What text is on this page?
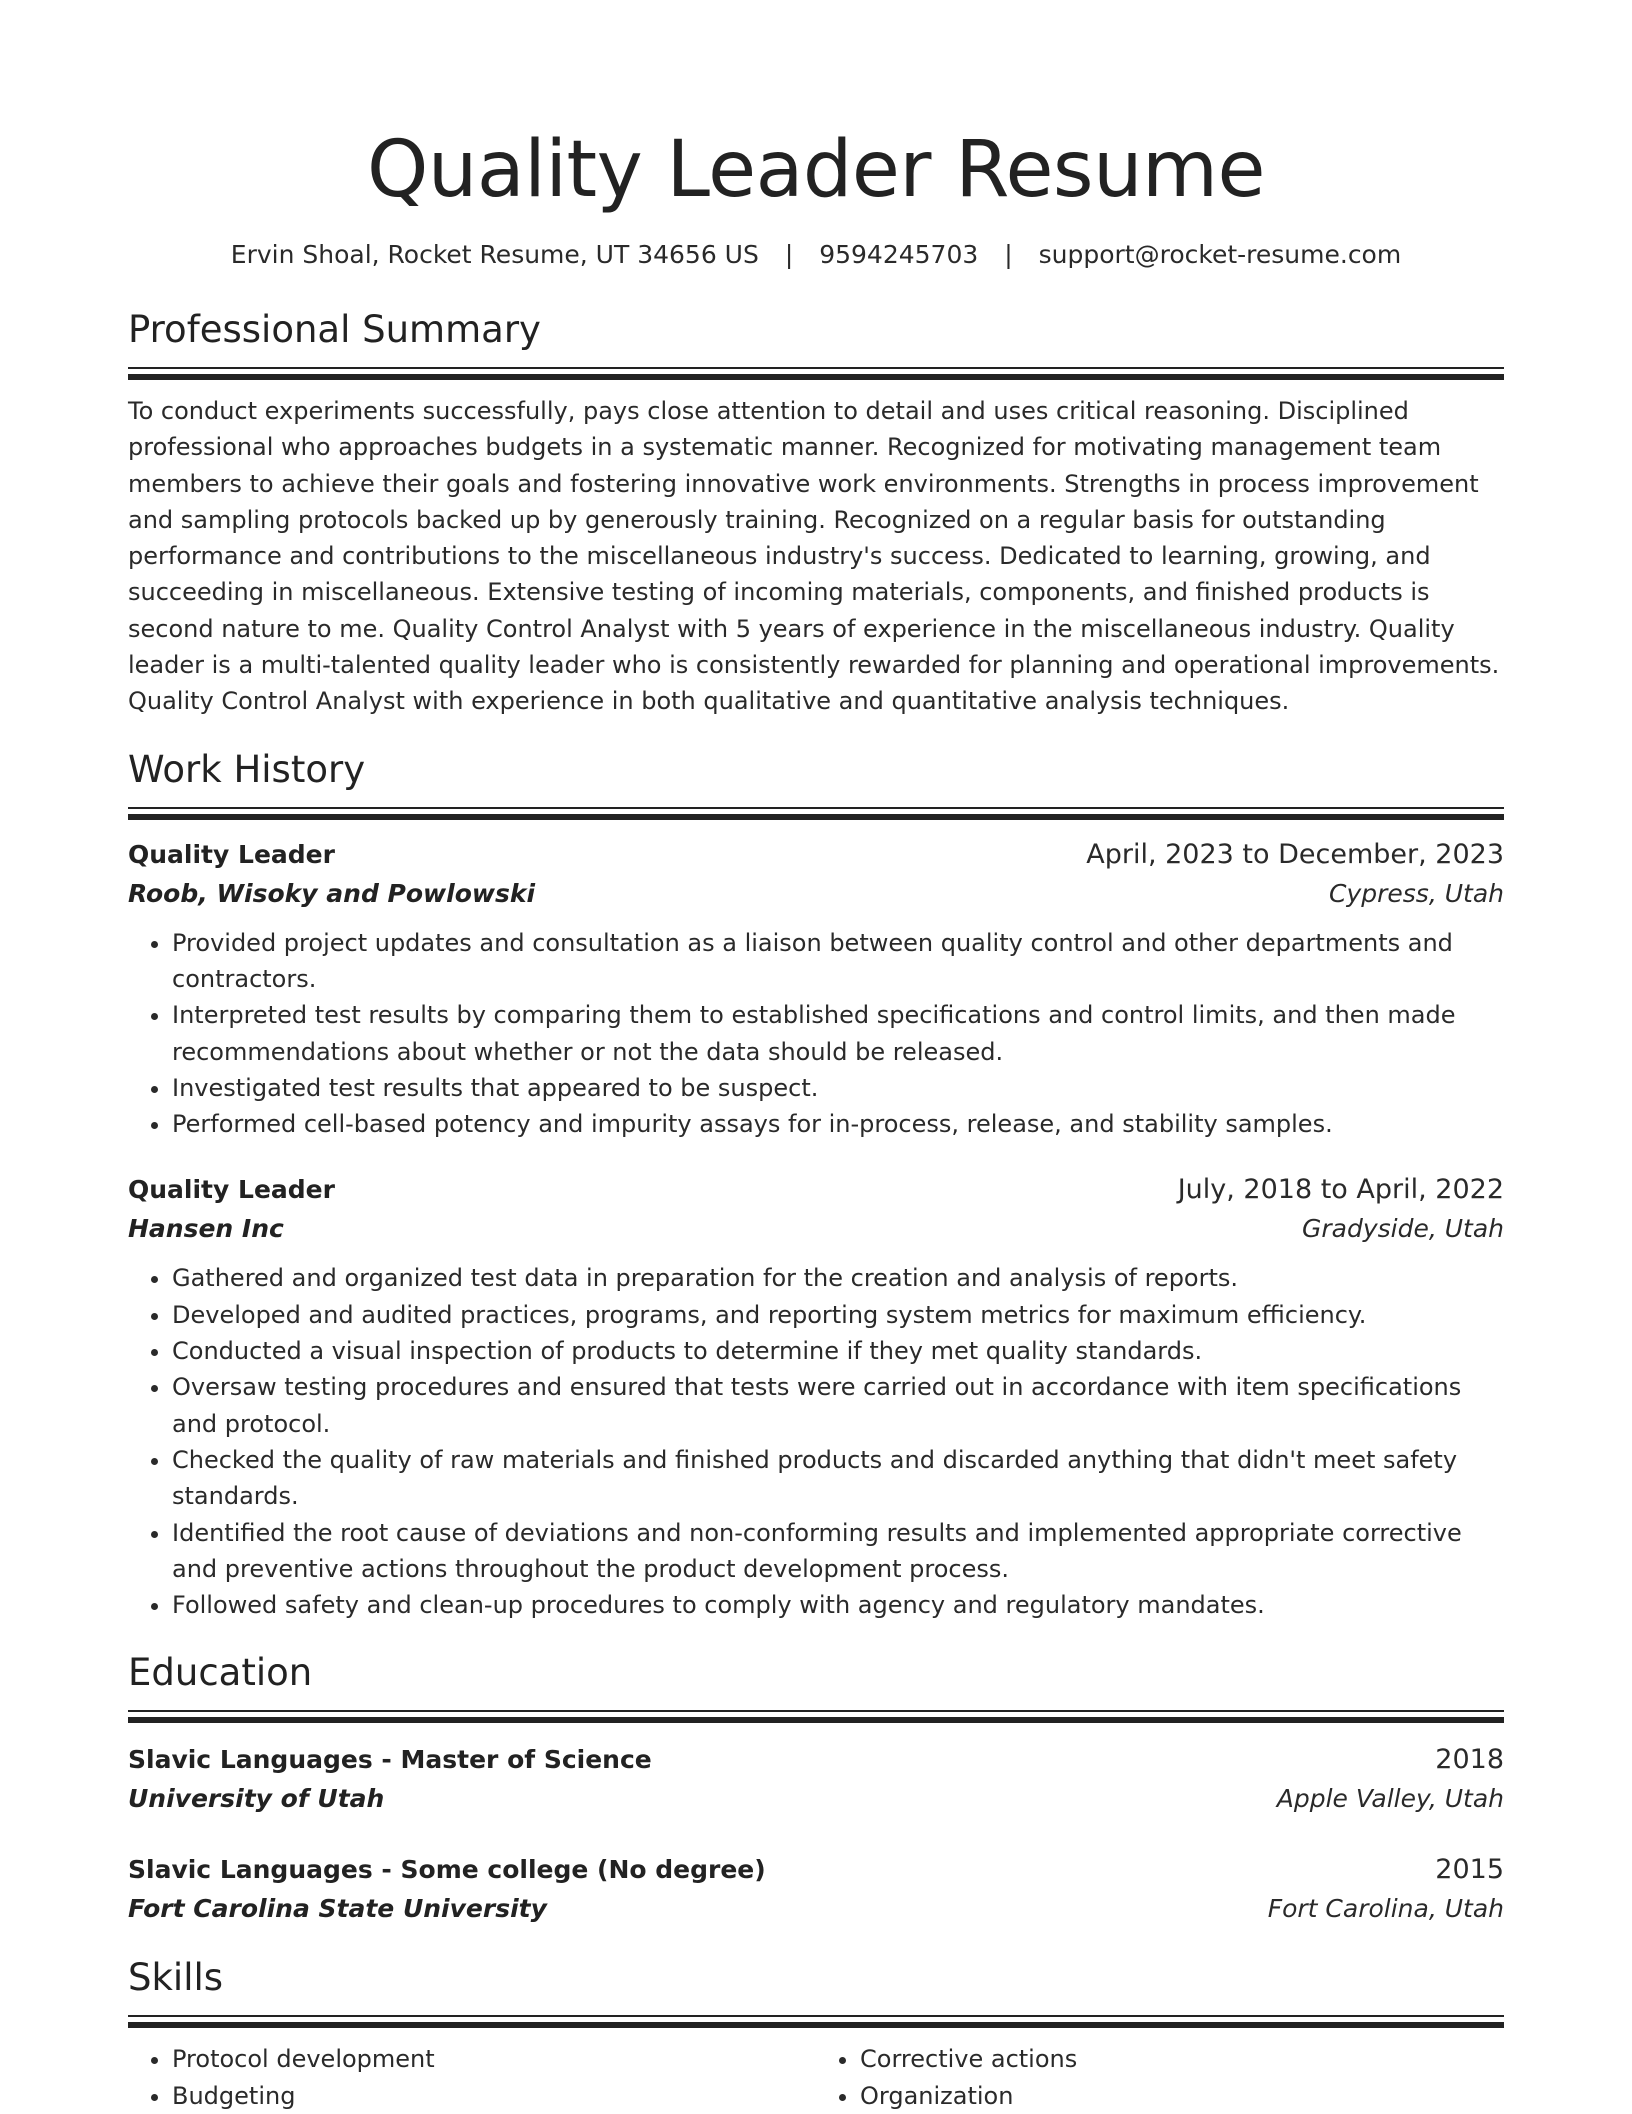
Quality Leader Resume
Ervin Shoal, Rocket Resume, UT 34656 US | 9594245703 | support@rocket-resume.com
Professional Summary

To conduct experiments successfully, pays close attention to detail and uses critical reasoning. Disciplined professional who approaches budgets in a systematic manner. Recognized for motivating management team members to achieve their goals and fostering innovative work environments. Strengths in process improvement and sampling protocols backed up by generously training. Recognized on a regular basis for outstanding performance and contributions to the miscellaneous industry's success. Dedicated to learning, growing, and succeeding in miscellaneous. Extensive testing of incoming materials, components, and finished products is second nature to me. Quality Control Analyst with 5 years of experience in the miscellaneous industry. Quality leader is a multi-talented quality leader who is consistently rewarded for planning and operational improvements. Quality Control Analyst with experience in both qualitative and quantitative analysis techniques.

Work History
Quality Leader	April, 2023 to December, 2023
Roob, Wisoky and Powlowski	Cypress, Utah
• Provided project updates and consultation as a liaison between quality control and other departments and contractors.
• Interpreted test results by comparing them to established specifications and control limits, and then made recommendations about whether or not the data should be released.
• Investigated test results that appeared to be suspect.
• Performed cell-based potency and impurity assays for in-process, release, and stability samples.
Quality Leader	July, 2018 to April, 2022
Hansen Inc	Gradyside, Utah
• Gathered and organized test data in preparation for the creation and analysis of reports.
• Developed and audited practices, programs, and reporting system metrics for maximum efficiency.
• Conducted a visual inspection of products to determine if they met quality standards.
• Oversaw testing procedures and ensured that tests were carried out in accordance with item specifications and protocol.
• Checked the quality of raw materials and finished products and discarded anything that didn't meet safety standards.
• Identified the root cause of deviations and non-conforming results and implemented appropriate corrective and preventive actions throughout the product development process.
• Followed safety and clean-up procedures to comply with agency and regulatory mandates.
Education
Slavic Languages - Master of Science	2018
University of Utah	Apple Valley, Utah
Slavic Languages - Some college (No degree)	2015
Fort Carolina State University	Fort Carolina, Utah
Skills
• Protocol development
• Budgeting
• Corrective actions
• Organization
